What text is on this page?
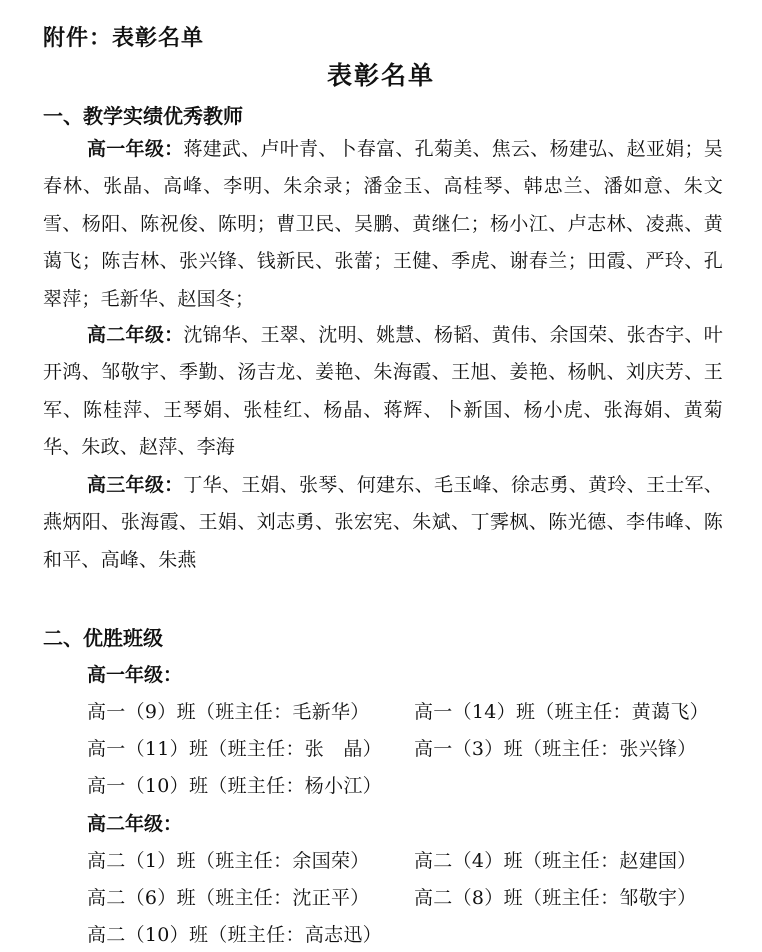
附件：表彰名单
表彰名单
一、教学实绩优秀教师
高一年级：蒋建武、卢叶青、卜春富、孔菊美、焦云、杨建弘、赵亚娟；吴春林、张晶、高峰、李明、朱余录；潘金玉、高桂琴、韩忠兰、潘如意、朱文雪、杨阳、陈祝俊、陈明；曹卫民、吴鹏、黄继仁；杨小江、卢志林、凌燕、黄蔼飞；陈吉林、张兴锋、钱新民、张蕾；王健、季虎、谢春兰；田霞、严玲、孔翠萍；毛新华、赵国冬；
高二年级：沈锦华、王翠、沈明、姚慧、杨韬、黄伟、余国荣、张杏宇、叶开鸿、邹敬宇、季勤、汤吉龙、姜艳、朱海霞、王旭、姜艳、杨帆、刘庆芳、王军、陈桂萍、王琴娟、张桂红、杨晶、蒋辉、卜新国、杨小虎、张海娟、黄菊华、朱政、赵萍、李海
高三年级：丁华、王娟、张琴、何建东、毛玉峰、徐志勇、黄玲、王士军、燕炳阳、张海霞、王娟、刘志勇、张宏宪、朱斌、丁霁枫、陈光德、李伟峰、陈和平、高峰、朱燕
二、优胜班级
高一年级：
高一（9）班（班主任：毛新华） 高一（14）班（班主任：黄蔼飞）
高一（11）班（班主任：张　晶） 高一（3）班（班主任：张兴锋）
高一（10）班（班主任：杨小江）
高二年级：
高二（1）班（班主任：余国荣） 高二（4）班（班主任：赵建国）
高二（6）班（班主任：沈正平） 高二（8）班（班主任：邹敬宇）
高二（10）班（班主任：高志迅）
